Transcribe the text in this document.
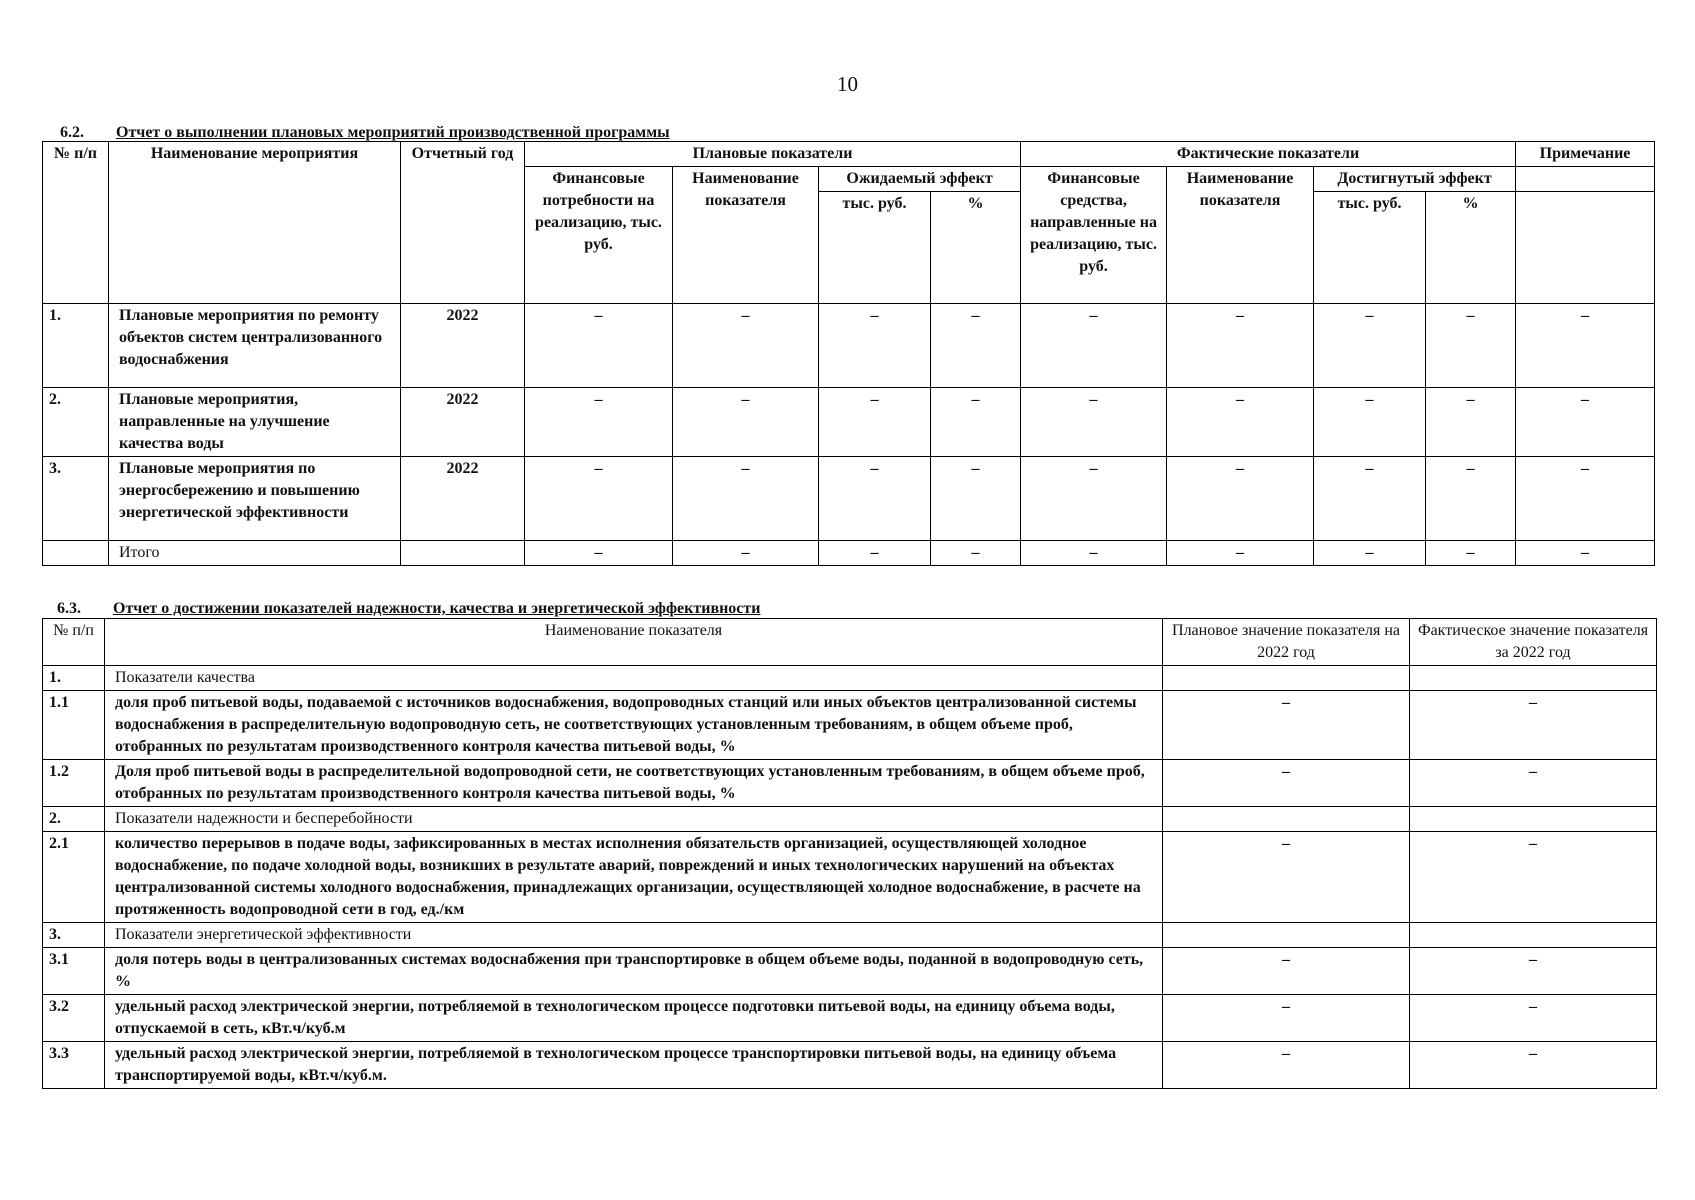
10
6.2. Отчет о выполнении плановых мероприятий производственной программы
№ п/п	Наименование мероприятия	Отчетный год	Плановые показатели				Фактические показатели				Примечание
			Финансовые потребности на реализацию, тыс. руб.	Наименование показателя	Ожидаемый эффект		Финансовые средства, направленные на реализацию, тыс. руб.	Наименование показателя	Достигнутый эффект		
					тыс. руб.	%			тыс. руб.	%	
1.	Плановые мероприятия по ремонту объектов систем централизованного водоснабжения	2022	–	–	–	–	–	–	–	–	–
2.	Плановые мероприятия, направленные на улучшение качества воды	2022	–	–	–	–	–	–	–	–	–
3.	Плановые мероприятия по энергосбережению и повышению энергетической эффективности	2022	–	–	–	–	–	–	–	–	–
	Итого		–	–	–	–	–	–	–	–	–
6.3. Отчет о достижении показателей надежности, качества и энергетической эффективности
№ п/п	Наименование показателя	Плановое значение показателя на 2022 год	Фактическое значение показателя за 2022 год
1.	Показатели качества		
1.1	доля проб питьевой воды, подаваемой с источников водоснабжения, водопроводных станций или иных объектов централизованной системы водоснабжения в распределительную водопроводную сеть, не соответствующих установленным требованиям, в общем объеме проб, отобранных по результатам производственного контроля качества питьевой воды, %	–	–
1.2	Доля проб питьевой воды в распределительной водопроводной сети, не соответствующих установленным требованиям, в общем объеме проб, отобранных по результатам производственного контроля качества питьевой воды, %	–	–
2.	Показатели надежности и бесперебойности		
2.1	количество перерывов в подаче воды, зафиксированных в местах исполнения обязательств организацией, осуществляющей холодное водоснабжение, по подаче холодной воды, возникших в результате аварий, повреждений и иных технологических нарушений на объектах централизованной системы холодного водоснабжения, принадлежащих организации, осуществляющей холодное водоснабжение, в расчете на протяженность водопроводной сети в год, ед./км	–	–
3.	Показатели энергетической эффективности		
3.1	доля потерь воды в централизованных системах водоснабжения при транспортировке в общем объеме воды, поданной в водопроводную сеть, %	–	–
3.2	удельный расход электрической энергии, потребляемой в технологическом процессе подготовки питьевой воды, на единицу объема воды, отпускаемой в сеть, кВт.ч/куб.м	–	–
3.3	удельный расход электрической энергии, потребляемой в технологическом процессе транспортировки питьевой воды, на единицу объема транспортируемой воды, кВт.ч/куб.м.	–	–
